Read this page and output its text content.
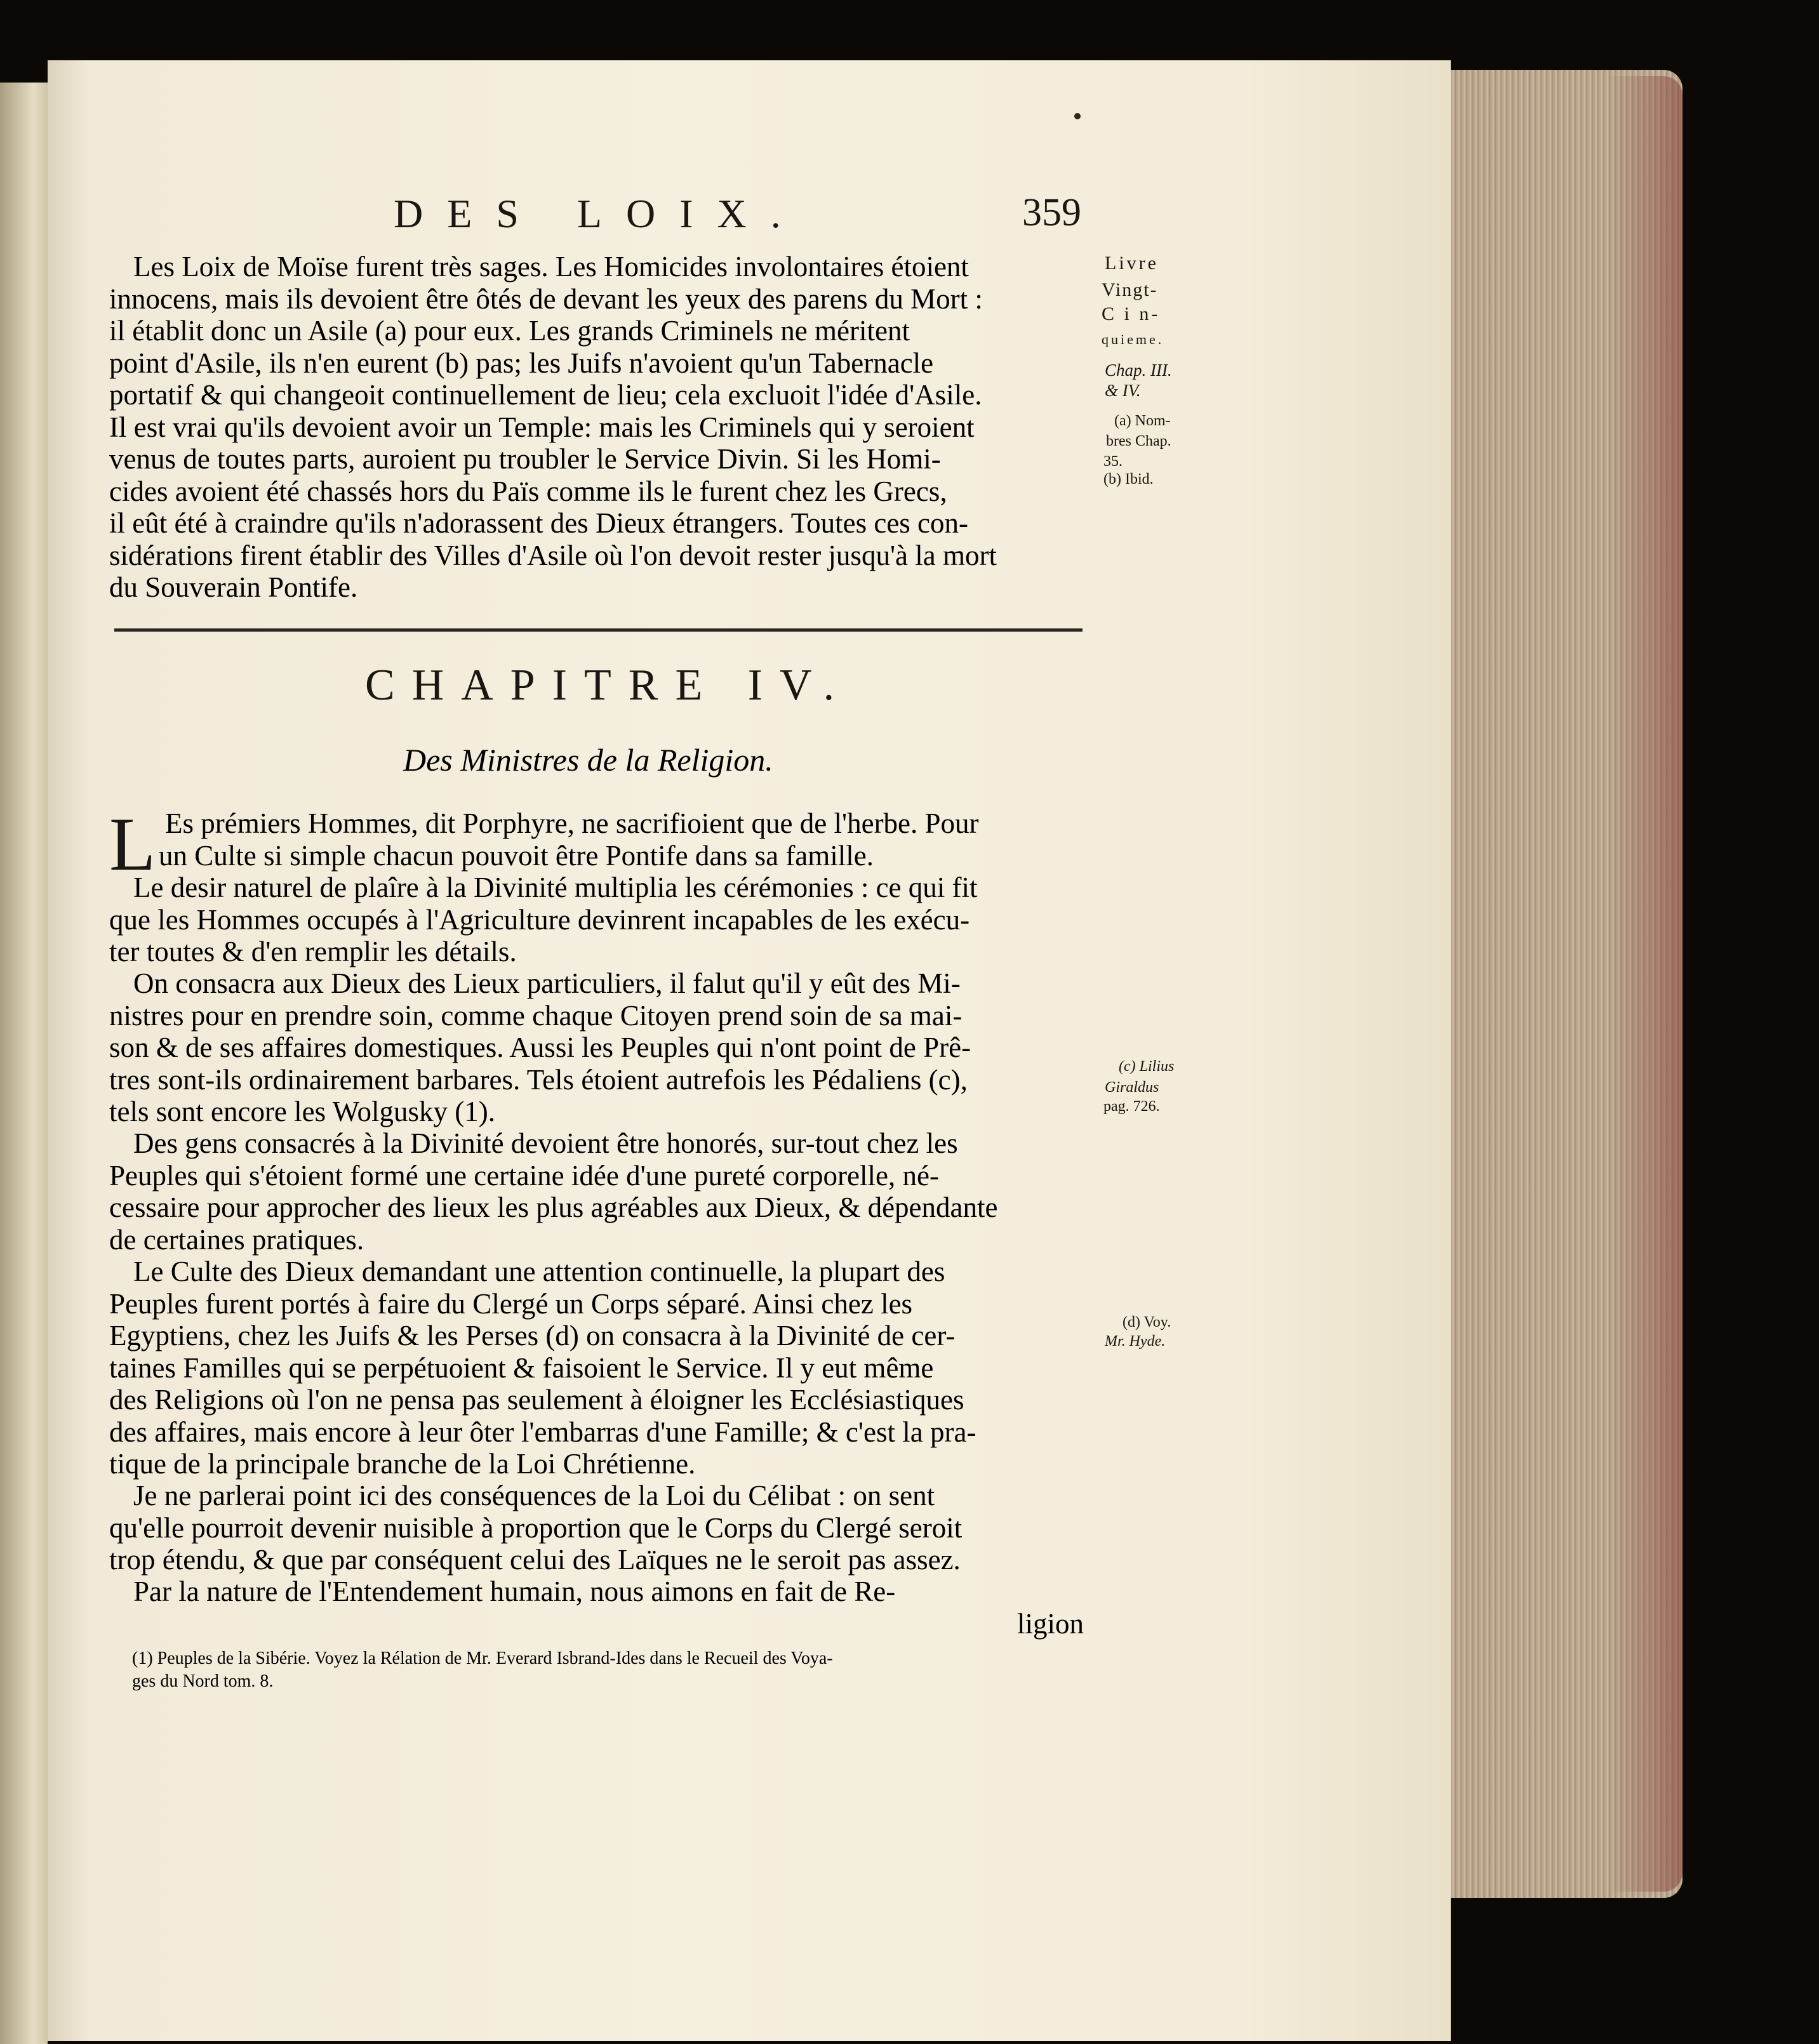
DES LOIX.	359
Les Loix de Moïse furent très sages. Les Homicides involontaires étoient
innocens, mais ils devoient être ôtés de devant les yeux des parens du Mort :
il établit donc un Asile (a) pour eux. Les grands Criminels ne méritent
point d'Asile, ils n'en eurent (b) pas; les Juifs n'avoient qu'un Tabernacle
portatif & qui changeoit continuellement de lieu; cela excluoit l'idée d'Asile.
Il est vrai qu'ils devoient avoir un Temple: mais les Criminels qui y seroient
venus de toutes parts, auroient pu troubler le Service Divin. Si les Homi-
cides avoient été chassés hors du Païs comme ils le furent chez les Grecs,
il eût été à craindre qu'ils n'adorassent des Dieux étrangers. Toutes ces con-
sidérations firent établir des Villes d'Asile où l'on devoit rester jusqu'à la mort
du Souverain Pontife.
Livre
Vingt-
C i n-
quieme.
Chap. III.
& IV.
(a) Nom-
bres Chap.
35.
(b) Ibid.
CHAPITRE IV.
Des Ministres de la Religion.
L Es prémiers Hommes, dit Porphyre, ne sacrifioient que de l'herbe. Pour
un Culte si simple chacun pouvoit être Pontife dans sa famille.
Le desir naturel de plaîre à la Divinité multiplia les cérémonies : ce qui fit
que les Hommes occupés à l'Agriculture devinrent incapables de les exécu-
ter toutes & d'en remplir les détails.
On consacra aux Dieux des Lieux particuliers, il falut qu'il y eût des Mi-
nistres pour en prendre soin, comme chaque Citoyen prend soin de sa mai-
son & de ses affaires domestiques. Aussi les Peuples qui n'ont point de Prê-
tres sont-ils ordinairement barbares. Tels étoient autrefois les Pédaliens (c),
tels sont encore les Wolgusky (1).
(c) Lilius
Giraldus
pag. 726.
Des gens consacrés à la Divinité devoient être honorés, sur-tout chez les
Peuples qui s'étoient formé une certaine idée d'une pureté corporelle, né-
cessaire pour approcher des lieux les plus agréables aux Dieux, & dépendante
de certaines pratiques.
Le Culte des Dieux demandant une attention continuelle, la plupart des
Peuples furent portés à faire du Clergé un Corps séparé. Ainsi chez les
Egyptiens, chez les Juifs & les Perses (d) on consacra à la Divinité de cer-
taines Familles qui se perpétuoient & faisoient le Service. Il y eut même
des Religions où l'on ne pensa pas seulement à éloigner les Ecclésiastiques
des affaires, mais encore à leur ôter l'embarras d'une Famille; & c'est la pra-
tique de la principale branche de la Loi Chrétienne.
(d) Voy.
Mr. Hyde.
Je ne parlerai point ici des conséquences de la Loi du Célibat : on sent
qu'elle pourroit devenir nuisible à proportion que le Corps du Clergé seroit
trop étendu, & que par conséquent celui des Laïques ne le seroit pas assez.
Par la nature de l'Entendement humain, nous aimons en fait de Re-
ligion
(1) Peuples de la Sibérie. Voyez la Rélation de Mr. Everard Isbrand-Ides dans le Recueil des Voya-
ges du Nord tom. 8.
